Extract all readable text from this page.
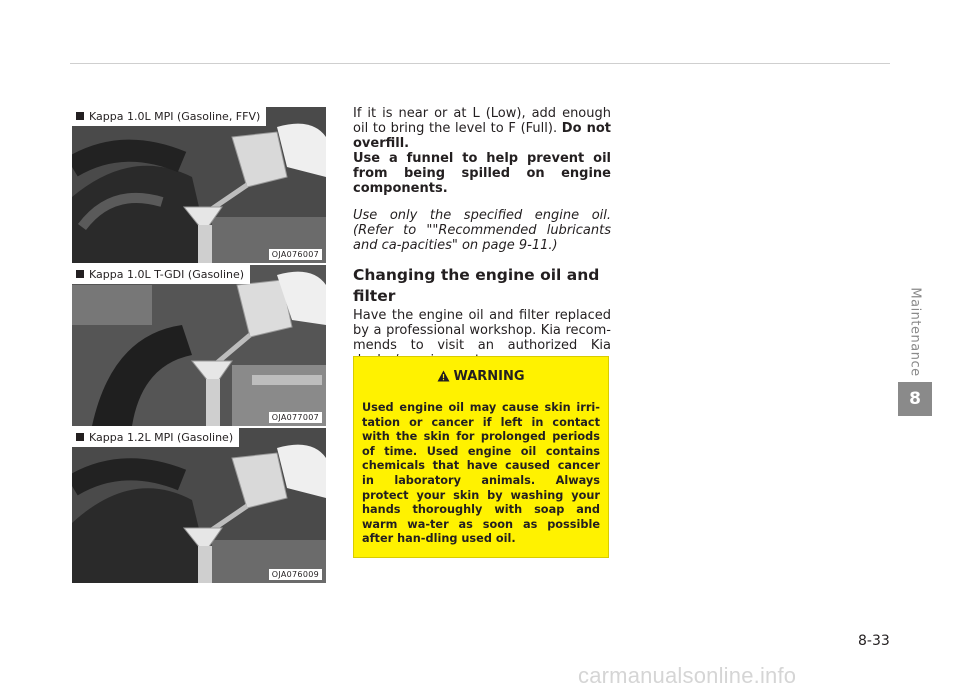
Kappa 1.0L MPI (Gasoline, FFV)
OJA076007
Kappa 1.0L T-GDI (Gasoline)
OJA077007
Kappa 1.2L MPI (Gasoline)
OJA076009

If it is near or at L (Low), add enough oil to bring the level to F (Full). Do not overfill.

Use a funnel to help prevent oil from being spilled on engine components.

Use only the specified engine oil. (Refer to ""Recommended lubricants and ca-pacities" on page 9-11.)

Changing the engine oil and filter

Have the engine oil and filter replaced by a professional workshop. Kia recom-mends to visit an authorized Kia

WARNING

Used engine oil may cause skin irri-tation or cancer if left in contact with the skin for prolonged periods of time. Used engine oil contains chemicals that have caused cancer in laboratory animals. Always protect your skin by washing your hands thoroughly with soap and warm wa-ter as soon as possible after han-dling used oil.

Maintenance
8
8-33
carmanualsonline.info
